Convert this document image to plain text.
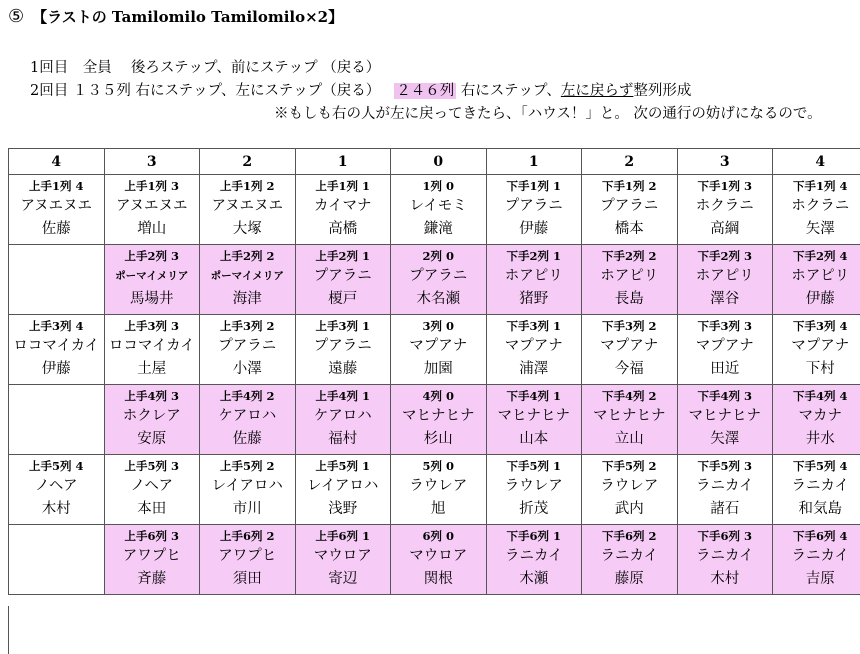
⑤ 【ラストの Tamilomilo Tamilomilo×2】
1回目　全員　 後ろステップ、前にステップ （戻る）
2回目 １３５列 右にステップ、左にステップ（戻る） ２４６列 右にステップ、左に戻らず整列形成
※もしも右の人が左に戻ってきたら、「ハウス！」と。 次の通行の妨げになるので。
4	3	2	1	0	1	2	3	4

上手1列 4
アヌエヌエ
佐藤	上手1列 3
アヌエヌエ
増山	上手1列 2
アヌエヌエ
大塚	上手1列 1
カイマナ
高橋	1列 0
レイモミ
鎌滝	下手1列 1
プアラニ
伊藤	下手1列 2
プアラニ
橋本	下手1列 3
ホクラニ
高綱	下手1列 4
ホクラニ
矢澤

	上手2列 3
ポーマイメリア
馬場井	上手2列 2
ポーマイメリア
海津	上手2列 1
プアラニ
榎戸	2列 0
プアラニ
木名瀬	下手2列 1
ホアピリ
猪野	下手2列 2
ホアピリ
長島	下手2列 3
ホアピリ
澤谷	下手2列 4
ホアピリ
伊藤

上手3列 4
ロコマイカイ
伊藤	上手3列 3
ロコマイカイ
土屋	上手3列 2
プアラニ
小澤	上手3列 1
プアラニ
遠藤	3列 0
マプアナ
加園	下手3列 1
マプアナ
浦澤	下手3列 2
マプアナ
今福	下手3列 3
マプアナ
田近	下手3列 4
マプアナ
下村

	上手4列 3
ホクレア
安原	上手4列 2
ケアロハ
佐藤	上手4列 1
ケアロハ
福村	4列 0
マヒナヒナ
杉山	下手4列 1
マヒナヒナ
山本	下手4列 2
マヒナヒナ
立山	下手4列 3
マヒナヒナ
矢澤	下手4列 4
マカナ
井水

上手5列 4
ノヘア
木村	上手5列 3
ノヘア
本田	上手5列 2
レイアロハ
市川	上手5列 1
レイアロハ
浅野	5列 0
ラウレア
旭	下手5列 1
ラウレア
折茂	下手5列 2
ラウレア
武内	下手5列 3
ラニカイ
諸石	下手5列 4
ラニカイ
和気島

	上手6列 3
アワプヒ
斉藤	上手6列 2
アワプヒ
須田	上手6列 1
マウロア
寄辺	6列 0
マウロア
関根	下手6列 1
ラニカイ
木瀬	下手6列 2
ラニカイ
藤原	下手6列 3
ラニカイ
木村	下手6列 4
ラニカイ
吉原
